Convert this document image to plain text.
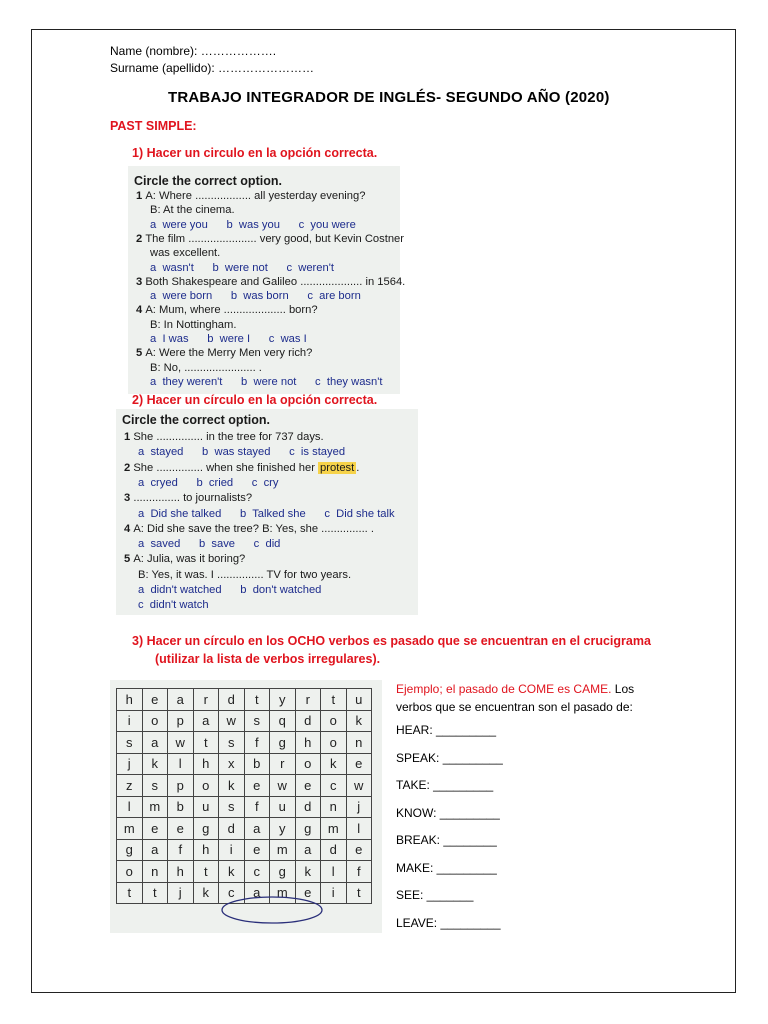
Name (nombre): ……………….
Surname (apellido): ……………………
TRABAJO INTEGRADOR DE INGLÉS- SEGUNDO AÑO (2020)
PAST SIMPLE:
1) Hacer un circulo en la opción correcta.
Circle the correct option.
1 A: Where .................. all yesterday evening?
B: At the cinema.
a  were you      b  was you      c  you were
2 The film ...................... very good, but Kevin Costner
was excellent.
a  wasn't      b  were not      c  weren't
3 Both Shakespeare and Galileo .................... in 1564.
a  were born      b  was born      c  are born
4 A: Mum, where .................... born?
B: In Nottingham.
a  I was      b  were I      c  was I
5 A: Were the Merry Men very rich?
B: No, ....................... .
a  they weren't      b  were not      c  they wasn't
2) Hacer un círculo en la opción correcta.
Circle the correct option.
1 She ............... in the tree for 737 days.
a  stayed      b  was stayed      c  is stayed
2 She ............... when she finished her protest .
a  cryed      b  cried      c  cry
3 ............... to journalists?
a  Did she talked      b  Talked she      c  Did she talk
4 A: Did she save the tree? B: Yes, she ............... .
a  saved      b  save      c  did
5 A: Julia, was it boring?
B: Yes, it was. I ............... TV for two years.
a  didn't watched      b  don't watched
c  didn't watch
3) Hacer un círculo en los OCHO verbos es pasado que se encuentran en el crucigrama
(utilizar la lista de verbos irregulares).
h	e	a	r	d	t	y	r	t	u
i	o	p	a	w	s	q	d	o	k
s	a	w	t	s	f	g	h	o	n
j	k	l	h	x	b	r	o	k	e
z	s	p	o	k	e	w	e	c	w
l	m	b	u	s	f	u	d	n	j
m	e	e	g	d	a	y	g	m	l
g	a	f	h	i	e	m	a	d	e
o	n	h	t	k	c	g	k	l	f
t	t	j	k	c	a	m	e	i	t
Ejemplo; el pasado de COME es CAME. Los
verbos que se encuentran son el pasado de:
HEAR: _________
SPEAK: _________
TAKE: _________
KNOW: _________
BREAK: ________
MAKE: _________
SEE: _______
LEAVE: _________
